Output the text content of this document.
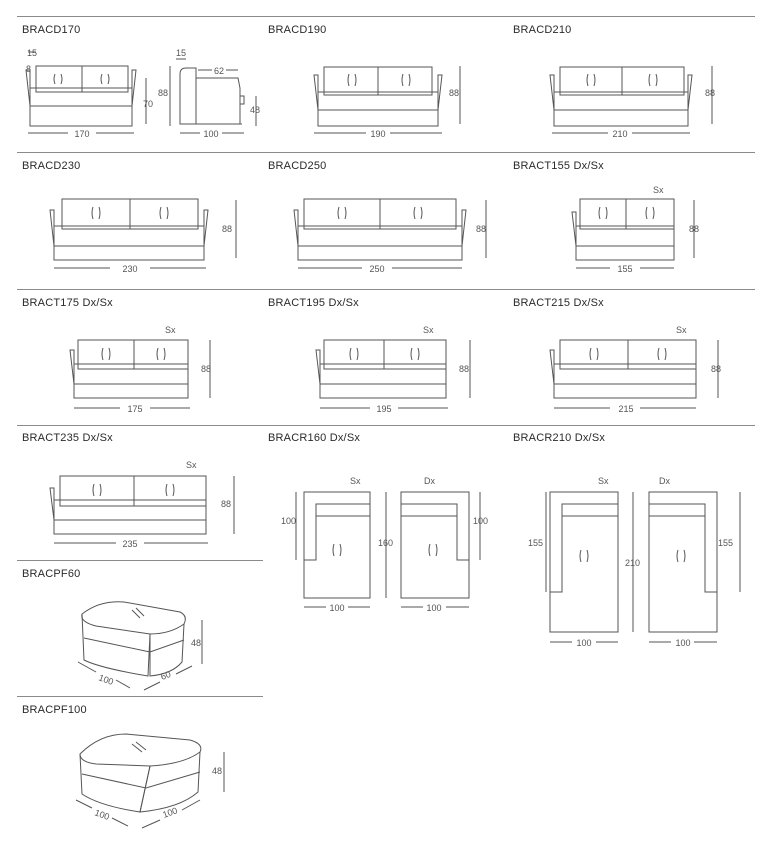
BRACD170	BRACD190	BRACD210
BRACD230	BRACD250	BRACT155 Dx/Sx
BRACT175 Dx/Sx	BRACT195 Dx/Sx	BRACT215 Dx/Sx
BRACT235 Dx/Sx	BRACR160 Dx/Sx	BRACR210 Dx/Sx
BRACPF60
BRACPF100
170
15
8
70
88
15
62
48
100	190
88
210
88
230
88
250
88
Sx
155
88
Sx
175
88
Sx
195
88
Sx
215
88
Sx
235
88
Sx	Dx
100
160
100
100	100
Sx	Dx
155
210
155
100	100
48
100	60
48
100	100
